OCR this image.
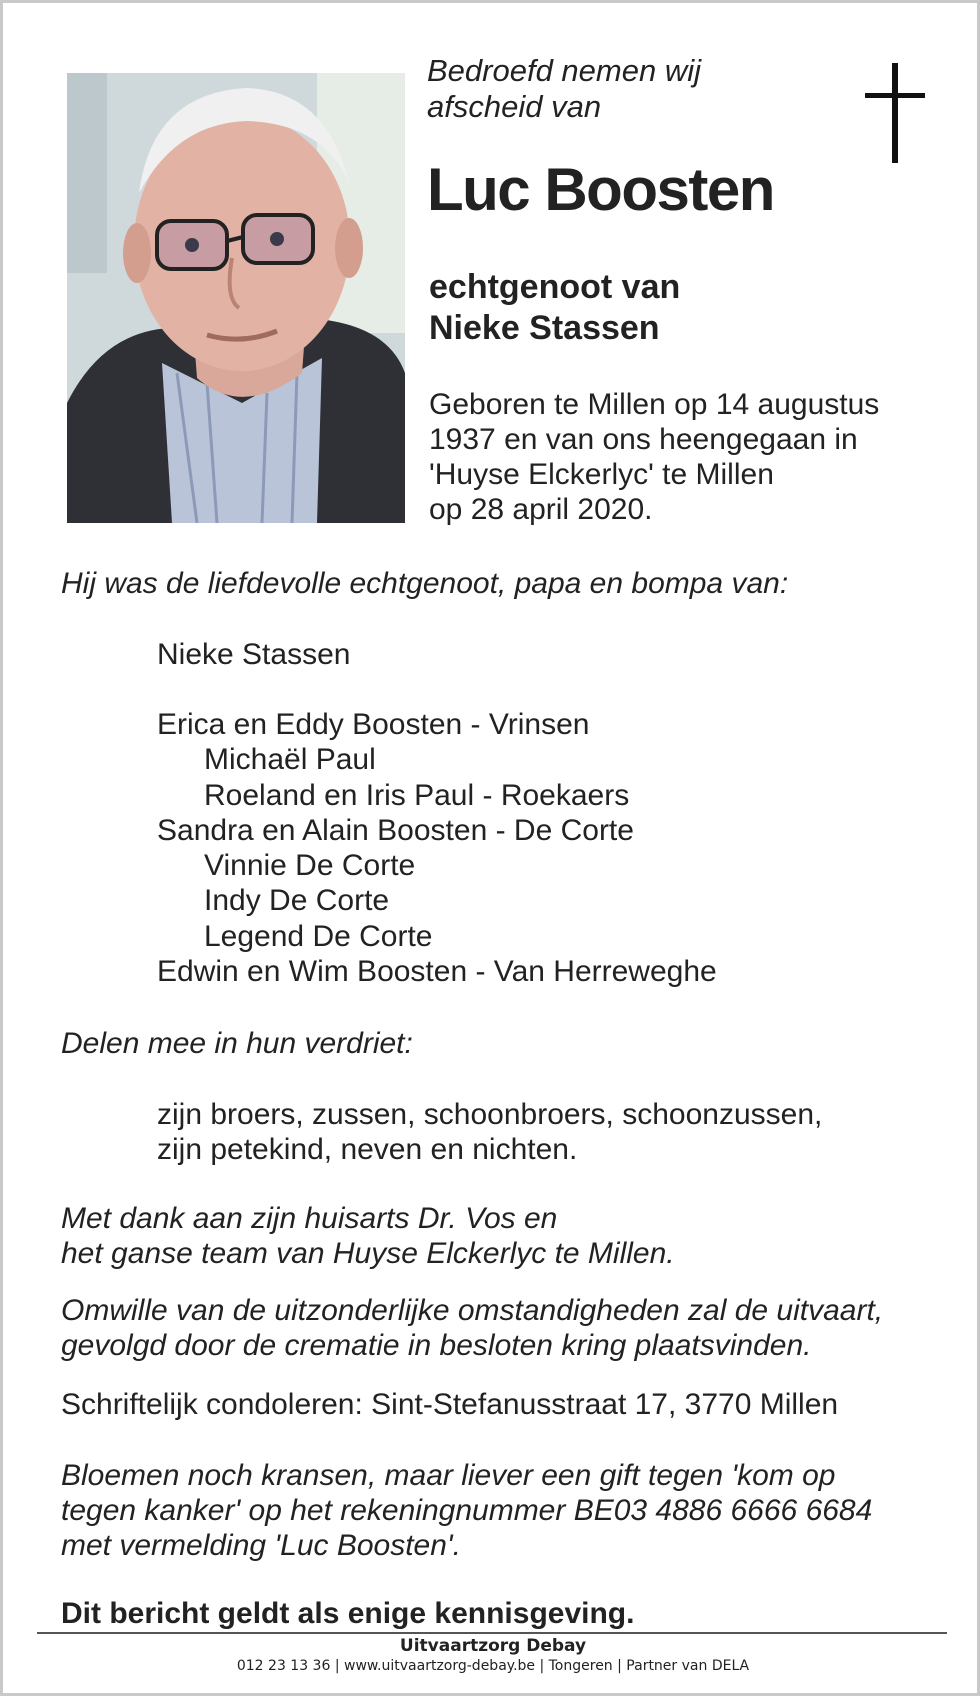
Bedroefd nemen wij
afscheid van
Luc Boosten
echtgenoot van
Nieke Stassen
Geboren te Millen op 14 augustus
1937 en van ons heengegaan in
'Huyse Elckerlyc' te Millen
op 28 april 2020.
Hij was de liefdevolle echtgenoot, papa en bompa van:
Nieke Stassen
Erica en Eddy Boosten - Vrinsen
Michaël Paul
Roeland en Iris Paul - Roekaers
Sandra en Alain Boosten - De Corte
Vinnie De Corte
Indy De Corte
Legend De Corte
Edwin en Wim Boosten - Van Herreweghe
Delen mee in hun verdriet:
zijn broers, zussen, schoonbroers, schoonzussen,
zijn petekind, neven en nichten.
Met dank aan zijn huisarts Dr. Vos en
het ganse team van Huyse Elckerlyc te Millen.
Omwille van de uitzonderlijke omstandigheden zal de uitvaart,
gevolgd door de crematie in besloten kring plaatsvinden.
Schriftelijk condoleren: Sint-Stefanusstraat 17, 3770 Millen
Bloemen noch kransen, maar liever een gift tegen 'kom op
tegen kanker' op het rekeningnummer BE03 4886 6666 6684
met vermelding 'Luc Boosten'.
Dit bericht geldt als enige kennisgeving.
Uitvaartzorg Debay
012 23 13 36 | www.uitvaartzorg-debay.be | Tongeren | Partner van DELA
